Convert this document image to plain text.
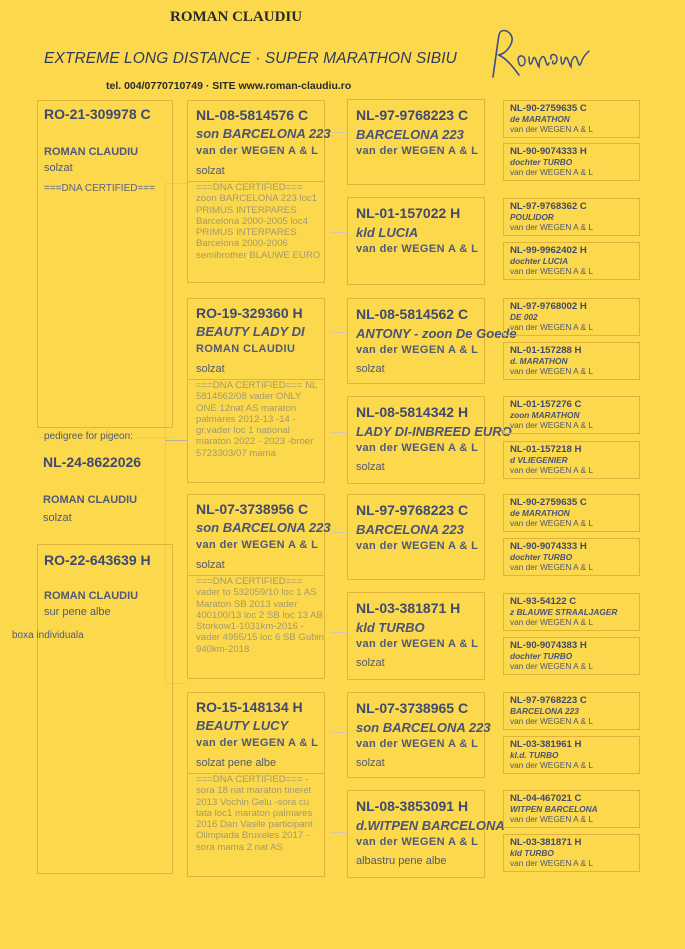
ROMAN CLAUDIU
EXTREME LONG DISTANCE · SUPER MARATHON SIBIU
tel. 004/0770710749 · SITE www.roman-claudiu.ro
RO-21-309978 C
ROMAN CLAUDIU
solzat
===DNA CERTIFIED===
pedigree for pigeon:
NL-24-8622026
ROMAN CLAUDIU
solzat
RO-22-643639 H
ROMAN CLAUDIU
sur pene albe
boxa individuala
NL-08-5814576 C
son BARCELONA 223
van der WEGEN A & L
solzat
===DNA CERTIFIED=== zoon BARCELONA 223 loc1 PRIMUS INTERPARES Barcelona 2000-2005 loc4 PRIMUS INTERPARES Barcelona 2000-2006 semibrother BLAUWE EURO
RO-19-329360 H
BEAUTY LADY DI
ROMAN CLAUDIU
solzat
===DNA CERTIFIED=== NL 5814562/08 vader ONLY ONE 12nat AS maraton palmares 2012-13 -14 -gr.vader loc 1 national maraton 2022 - 2023 -broer 5723303/07 mama
NL-07-3738956 C
son BARCELONA 223
van der WEGEN A & L
solzat
===DNA CERTIFIED=== vader to 532059/10 loc 1 AS Maraton SB 2013 vader 400100/13 loc 2 SB loc 13 AB Storkow1-1031km-2016 -vader 4955/15 loc 6 SB Gubin 940km-2018
RO-15-148134 H
BEAUTY LUCY
van der WEGEN A & L
solzat pene albe
===DNA CERTIFIED=== -sora 18 nat maraton tineret 2013 Vochin Gelu -sora cu tata loc1 maraton palmares 2016 Dan Vasile participant Olimpiada Bruxeles 2017 -sora mama 2 nat AS
NL-97-9768223 C
BARCELONA 223
van der WEGEN A & L
NL-01-157022 H
kld LUCIA
van der WEGEN A & L
NL-08-5814562 C
ANTONY - zoon De Goede
van der WEGEN A & L
solzat
NL-08-5814342 H
LADY DI-INBREED EURO
van der WEGEN A & L
solzat
NL-97-9768223 C
BARCELONA 223
van der WEGEN A & L
NL-03-381871 H
kld TURBO
van der WEGEN A & L
solzat
NL-07-3738965 C
son BARCELONA 223
van der WEGEN A & L
solzat
NL-08-3853091 H
d.WITPEN BARCELONA
van der WEGEN A & L
albastru pene albe
NL-90-2759635 C
de MARATHON
van der WEGEN A & L
NL-90-9074333 H
dochter TURBO
van der WEGEN A & L
NL-97-9768362 C
POULIDOR
van der WEGEN A & L
NL-99-9962402 H
dochter LUCIA
van der WEGEN A & L
NL-97-9768002 H
DE 002
van der WEGEN A & L
NL-01-157288 H
d. MARATHON
van der WEGEN A & L
NL-01-157276 C
zoon MARATHON
van der WEGEN A & L
NL-01-157218 H
d VLIEGENIER
van der WEGEN A & L
NL-90-2759635 C
de MARATHON
van der WEGEN A & L
NL-90-9074333 H
dochter TURBO
van der WEGEN A & L
NL-93-54122 C
z BLAUWE STRAALJAGER
van der WEGEN A & L
NL-90-9074383 H
dochter TURBO
van der WEGEN A & L
NL-97-9768223 C
BARCELONA 223
van der WEGEN A & L
NL-03-381961 H
kl.d. TURBO
van der WEGEN A & L
NL-04-467021 C
WITPEN BARCELONA
van der WEGEN A & L
NL-03-381871 H
kld TURBO
van der WEGEN A & L
